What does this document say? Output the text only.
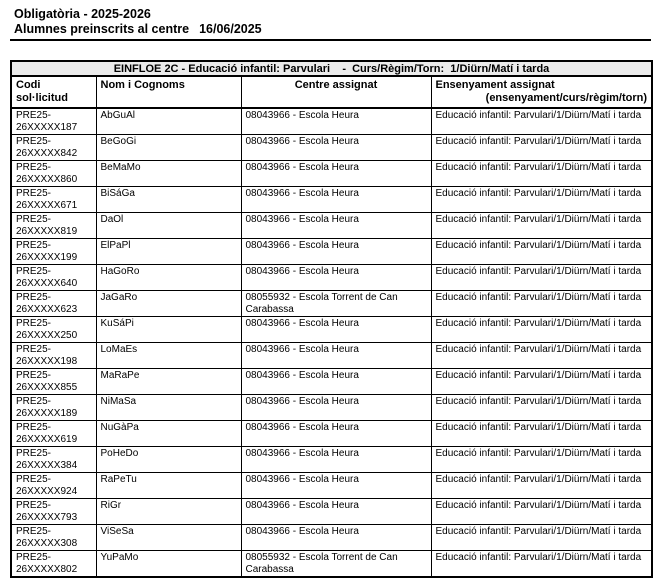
Obligatòria - 2025-2026
Alumnes preinscrits al centre 16/06/2025
EINFLOE 2C - Educació infantil: Parvulari    -  Curs/Règim/Torn:  1/Diürn/Matí i tarda			
Codi
sol·licitud	Nom i Cognoms	Centre assignat	Ensenyament assignat
(ensenyament/curs/règim/torn)

PRE25-
26XXXXX187	AbGuAl	08043966 - Escola Heura	Educació infantil: Parvulari/1/Diürn/Matí i tarda

PRE25-
26XXXXX842	BeGoGi	08043966 - Escola Heura	Educació infantil: Parvulari/1/Diürn/Matí i tarda

PRE25-
26XXXXX860	BeMaMo	08043966 - Escola Heura	Educació infantil: Parvulari/1/Diürn/Matí i tarda

PRE25-
26XXXXX671	BiSáGa	08043966 - Escola Heura	Educació infantil: Parvulari/1/Diürn/Matí i tarda

PRE25-
26XXXXX819	DaOl	08043966 - Escola Heura	Educació infantil: Parvulari/1/Diürn/Matí i tarda

PRE25-
26XXXXX199	ElPaPl	08043966 - Escola Heura	Educació infantil: Parvulari/1/Diürn/Matí i tarda

PRE25-
26XXXXX640	HaGoRo	08043966 - Escola Heura	Educació infantil: Parvulari/1/Diürn/Matí i tarda

PRE25-
26XXXXX623	JaGaRo	08055932 - Escola Torrent de Can Carabassa	Educació infantil: Parvulari/1/Diürn/Matí i tarda

PRE25-
26XXXXX250	KuSáPi	08043966 - Escola Heura	Educació infantil: Parvulari/1/Diürn/Matí i tarda

PRE25-
26XXXXX198	LoMaEs	08043966 - Escola Heura	Educació infantil: Parvulari/1/Diürn/Matí i tarda

PRE25-
26XXXXX855	MaRaPe	08043966 - Escola Heura	Educació infantil: Parvulari/1/Diürn/Matí i tarda

PRE25-
26XXXXX189	NiMaSa	08043966 - Escola Heura	Educació infantil: Parvulari/1/Diürn/Matí i tarda

PRE25-
26XXXXX619	NuGàPa	08043966 - Escola Heura	Educació infantil: Parvulari/1/Diürn/Matí i tarda

PRE25-
26XXXXX384	PoHeDo	08043966 - Escola Heura	Educació infantil: Parvulari/1/Diürn/Matí i tarda

PRE25-
26XXXXX924	RaPeTu	08043966 - Escola Heura	Educació infantil: Parvulari/1/Diürn/Matí i tarda

PRE25-
26XXXXX793	RiGr	08043966 - Escola Heura	Educació infantil: Parvulari/1/Diürn/Matí i tarda

PRE25-
26XXXXX308	ViSeSa	08043966 - Escola Heura	Educació infantil: Parvulari/1/Diürn/Matí i tarda

PRE25-
26XXXXX802	YuPaMo	08055932 - Escola Torrent de Can Carabassa	Educació infantil: Parvulari/1/Diürn/Matí i tarda
